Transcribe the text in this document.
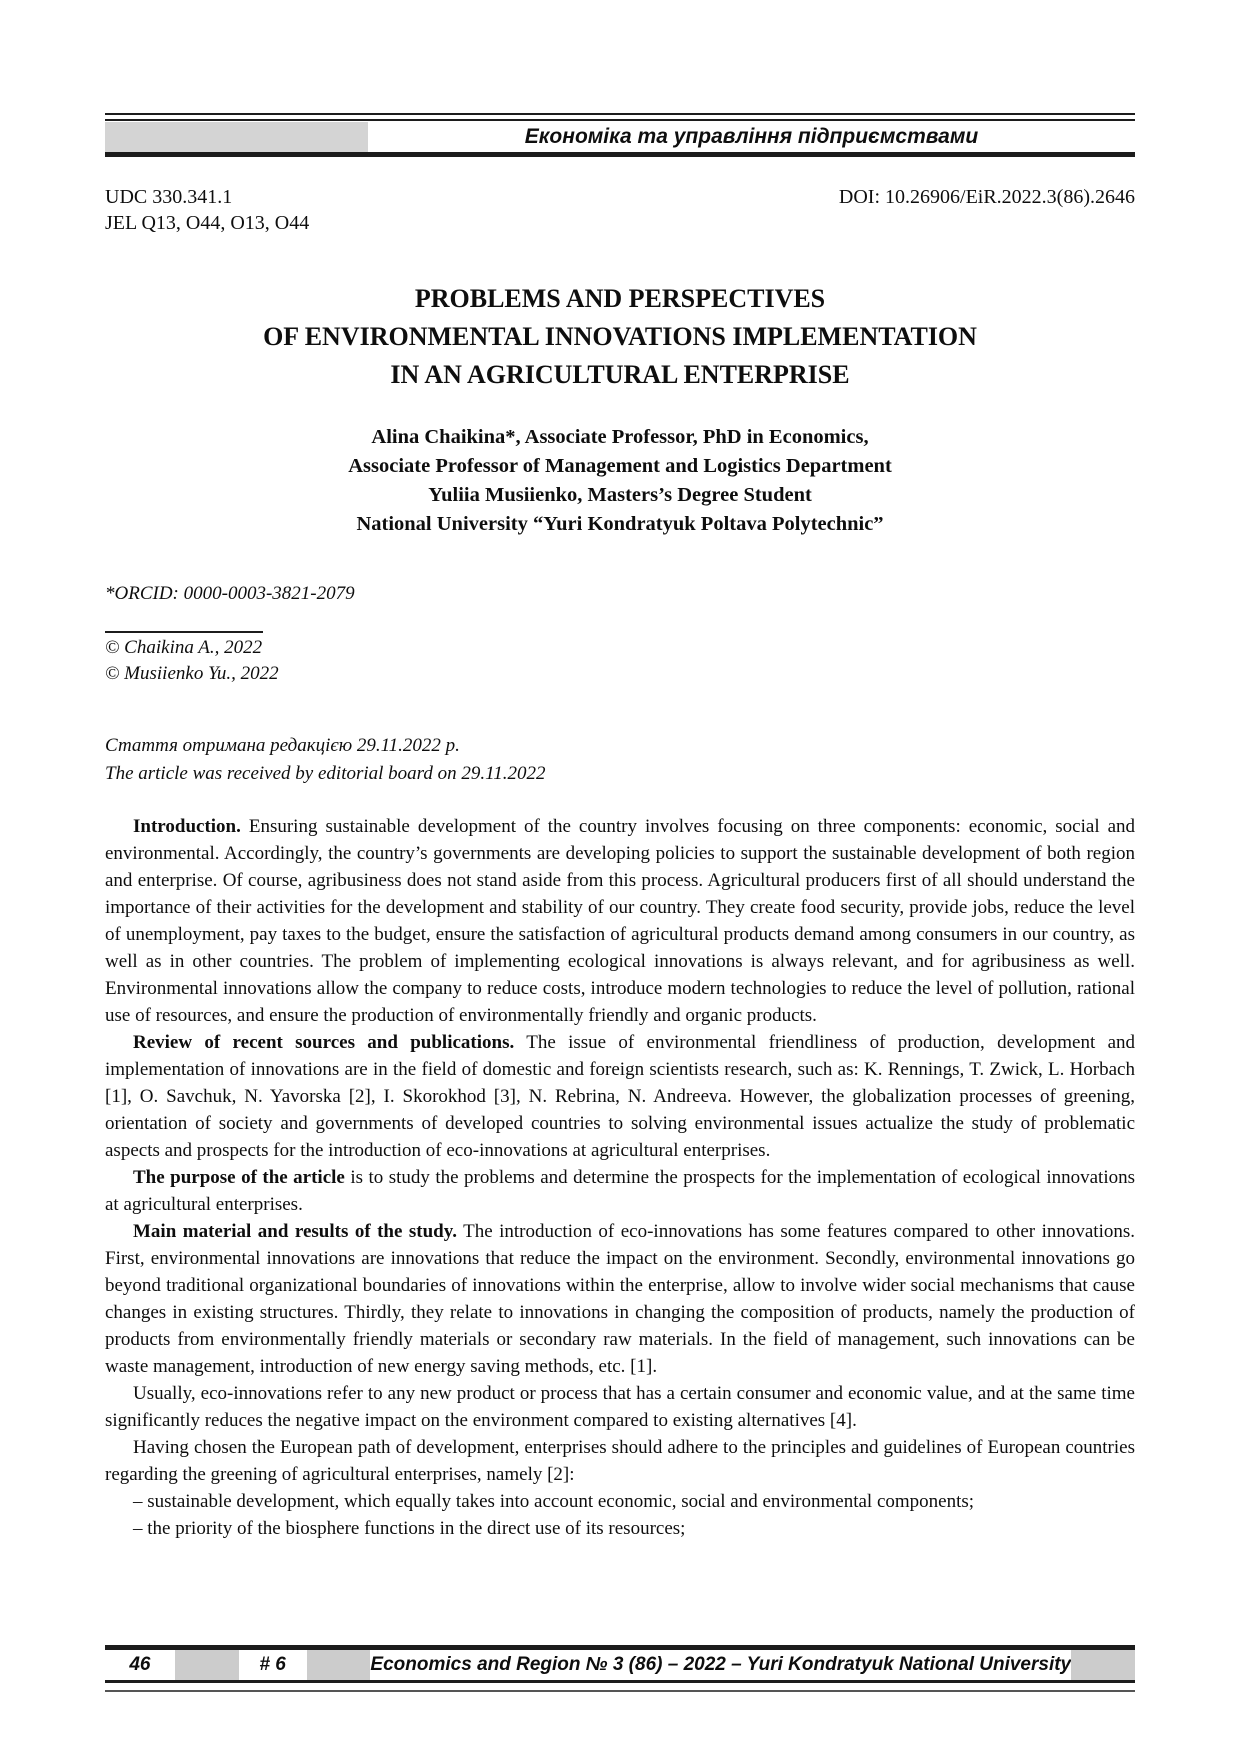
Економіка та управління підприємствами
UDC 330.341.1	DOI: 10.26906/EiR.2022.3(86).2646
JEL Q13, O44, O13, O44
PROBLEMS AND PERSPECTIVES
OF ENVIRONMENTAL INNOVATIONS IMPLEMENTATION
IN AN AGRICULTURAL ENTERPRISE
Alina Chaikina*, Associate Professor, PhD in Economics,
Associate Professor of Management and Logistics Department
Yuliia Musiienko, Masters’s Degree Student
National University “Yuri Kondratyuk Poltava Polytechnic”
*ORCID: 0000-0003-3821-2079
© Chaikina A., 2022
© Musiienko Yu., 2022
Стаття отримана редакцією 29.11.2022 р.
The article was received by editorial board on 29.11.2022

Introduction. Ensuring sustainable development of the country involves focusing on three components: economic, social and environmental. Accordingly, the country’s governments are developing policies to support the sustainable development of both region and enterprise. Of course, agribusiness does not stand aside from this process. Agricultural producers first of all should understand the importance of their activities for the development and stability of our country. They create food security, provide jobs, reduce the level of unemployment, pay taxes to the budget, ensure the satisfaction of agricultural products demand among consumers in our country, as well as in other countries. The problem of implementing ecological innovations is always relevant, and for agribusiness as well. Environmental innovations allow the company to reduce costs, introduce modern technologies to reduce the level of pollution, rational use of resources, and ensure the production of environmentally friendly and organic products.

Review of recent sources and publications. The issue of environmental friendliness of production, development and implementation of innovations are in the field of domestic and foreign scientists research, such as: K. Rennings, T. Zwick, L. Horbach [1], O. Savchuk, N. Yavorska [2], I. Skorokhod [3], N. Rebrina, N. Andreeva. However, the globalization processes of greening, orientation of society and governments of developed countries to solving environmental issues actualize the study of problematic aspects and prospects for the introduction of eco-innovations at agricultural enterprises.

The purpose of the article is to study the problems and determine the prospects for the implementation of ecological innovations at agricultural enterprises.

Main material and results of the study. The introduction of eco-innovations has some features compared to other innovations. First, environmental innovations are innovations that reduce the impact on the environment. Secondly, environmental innovations go beyond traditional organizational boundaries of innovations within the enterprise, allow to involve wider social mechanisms that cause changes in existing structures. Thirdly, they relate to innovations in changing the composition of products, namely the production of products from environmentally friendly materials or secondary raw materials. In the field of management, such innovations can be waste management, introduction of new energy saving methods, etc. [1].

Usually, eco-innovations refer to any new product or process that has a certain consumer and economic value, and at the same time significantly reduces the negative impact on the environment compared to existing alternatives [4].

Having chosen the European path of development, enterprises should adhere to the principles and guidelines of European countries regarding the greening of agricultural enterprises, namely [2]:

– sustainable development, which equally takes into account economic, social and environmental components;

– the priority of the biosphere functions in the direct use of its resources;

46	# 6	Economics and Region № 3 (86) – 2022 – Yuri Kondratyuk National University
